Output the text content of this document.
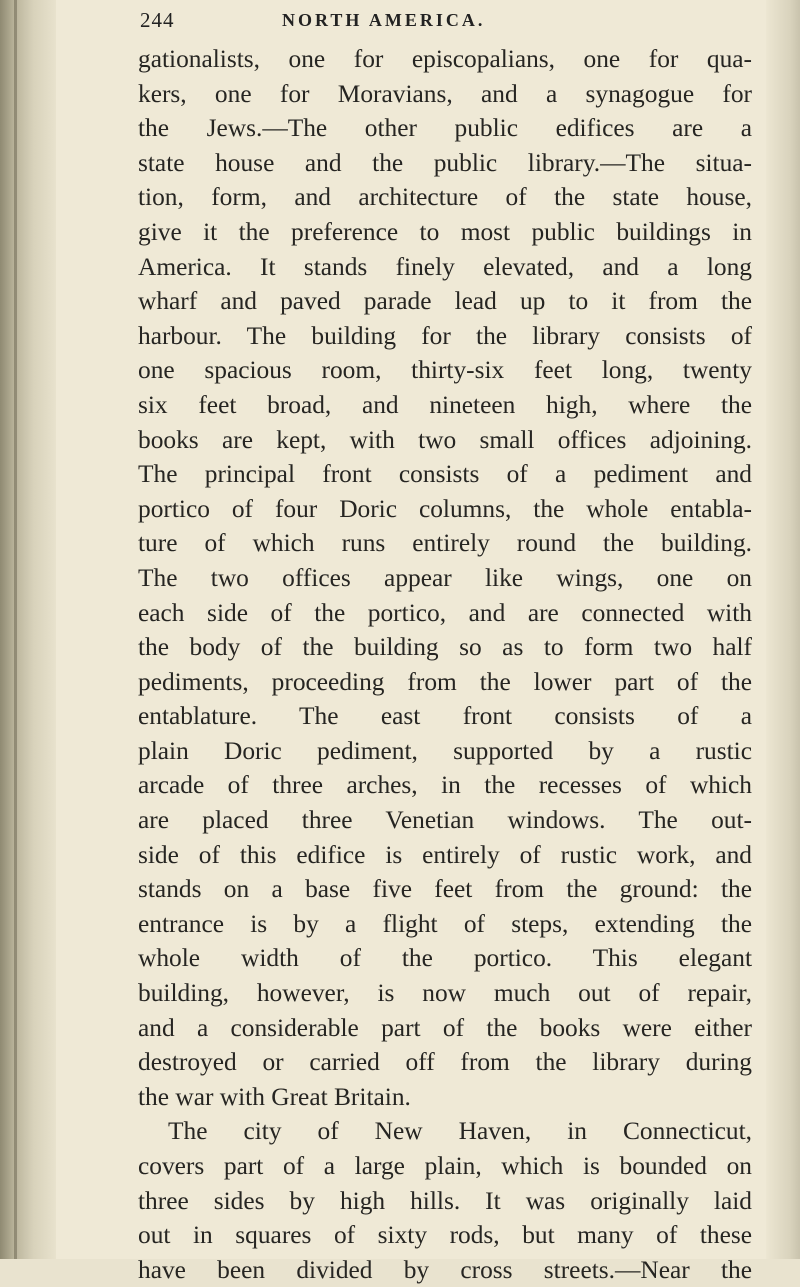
244	NORTH AMERICA.
gationalists, one for episcopalians, one for qua-
kers, one for Moravians, and a synagogue for
the Jews.—The other public edifices are a
state house and the public library.—The situa-
tion, form, and architecture of the state house,
give it the preference to most public buildings in
America. It stands finely elevated, and a long
wharf and paved parade lead up to it from the
harbour. The building for the library consists of
one spacious room, thirty-six feet long, twenty
six feet broad, and nineteen high, where the
books are kept, with two small offices adjoining.
The principal front consists of a pediment and
portico of four Doric columns, the whole entabla-
ture of which runs entirely round the building.
The two offices appear like wings, one on
each side of the portico, and are connected with
the body of the building so as to form two half
pediments, proceeding from the lower part of the
entablature. The east front consists of a
plain Doric pediment, supported by a rustic
arcade of three arches, in the recesses of which
are placed three Venetian windows. The out-
side of this edifice is entirely of rustic work, and
stands on a base five feet from the ground: the
entrance is by a flight of steps, extending the
whole width of the portico. This elegant
building, however, is now much out of repair,
and a considerable part of the books were either
destroyed or carried off from the library during
the war with Great Britain.
The city of New Haven, in Connecticut,
covers part of a large plain, which is bounded on
three sides by high hills. It was originally laid
out in squares of sixty rods, but many of these
have been divided by cross streets.—Near the
